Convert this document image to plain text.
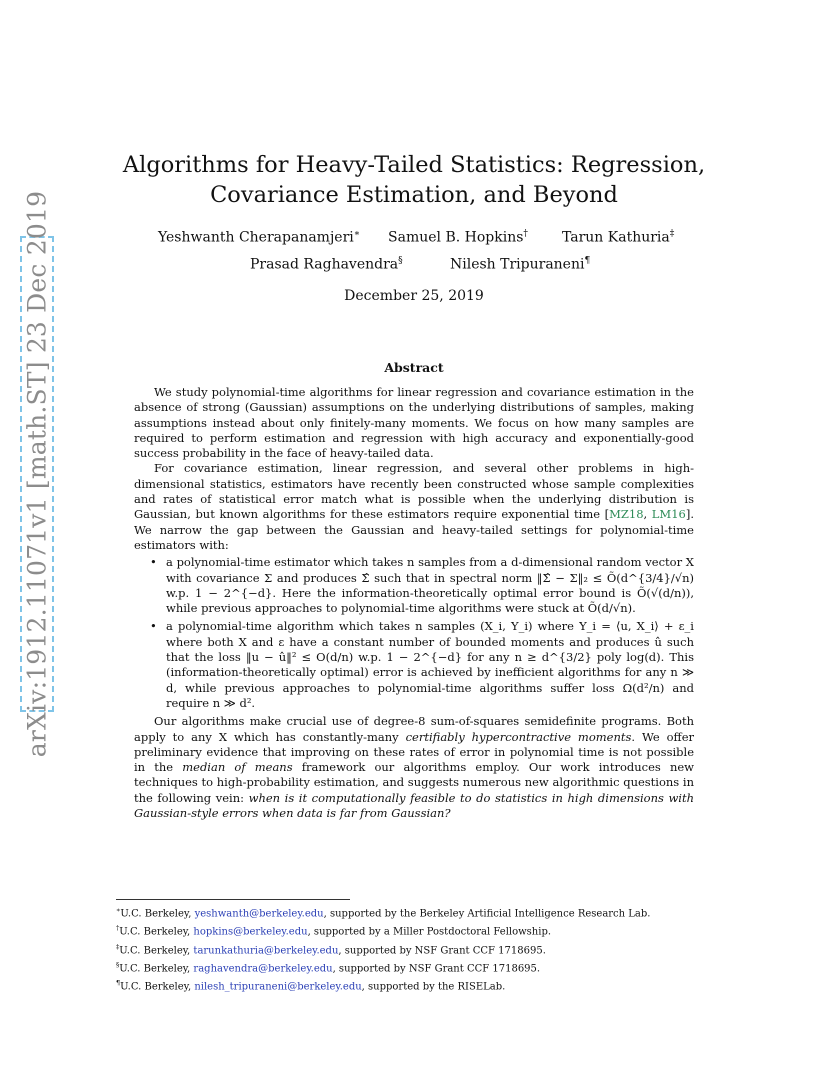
arXiv:1912.11071v1 [math.ST] 23 Dec 2019
Algorithms for Heavy-Tailed Statistics: Regression, Covariance Estimation, and Beyond
Yeshwanth Cherapanamjeri∗ Samuel B. Hopkins† Tarun Kathuria‡
Prasad Raghavendra§	Nilesh Tripuraneni¶
December 25, 2019
Abstract

We study polynomial-time algorithms for linear regression and covariance estimation in the absence of strong (Gaussian) assumptions on the underlying distributions of samples, making assumptions instead about only finitely-many moments. We focus on how many samples are required to perform estimation and regression with high accuracy and exponentially-good success probability in the face of heavy-tailed data.

For covariance estimation, linear regression, and several other problems in high-dimensional statistics, estimators have recently been constructed whose sample complexities and rates of statistical error match what is possible when the underlying distribution is Gaussian, but known algorithms for these estimators require exponential time [MZ18, LM16]. We narrow the gap between the Gaussian and heavy-tailed settings for polynomial-time estimators with:

• a polynomial-time estimator which takes n samples from a d-dimensional random vector X with covariance Σ and produces Σ̂ such that in spectral norm ‖Σ̂ − Σ‖₂ ≤ Õ(d^{3/4}/√n) w.p. 1 − 2^{−d}. Here the information-theoretically optimal error bound is Õ(√(d/n)), while previous approaches to polynomial-time algorithms were stuck at Õ(d/√n).
• a polynomial-time algorithm which takes n samples (X_i, Y_i) where Y_i = ⟨u, X_i⟩ + ε_i where both X and ε have a constant number of bounded moments and produces û such that the loss ‖u − û‖² ≤ O(d/n) w.p. 1 − 2^{−d} for any n ≥ d^{3/2} poly log(d). This (information-theoretically optimal) error is achieved by inefficient algorithms for any n ≫ d, while previous approaches to polynomial-time algorithms suffer loss Ω(d²/n) and require n ≫ d².

Our algorithms make crucial use of degree-8 sum-of-squares semidefinite programs. Both apply to any X which has constantly-many certifiably hypercontractive moments. We offer preliminary evidence that improving on these rates of error in polynomial time is not possible in the median of means framework our algorithms employ. Our work introduces new techniques to high-probability estimation, and suggests numerous new algorithmic questions in the following vein: when is it computationally feasible to do statistics in high dimensions with Gaussian-style errors when data is far from Gaussian?

∗U.C. Berkeley, yeshwanth@berkeley.edu, supported by the Berkeley Artificial Intelligence Research Lab.
†U.C. Berkeley, hopkins@berkeley.edu, supported by a Miller Postdoctoral Fellowship.
‡U.C. Berkeley, tarunkathuria@berkeley.edu, supported by NSF Grant CCF 1718695.
§U.C. Berkeley, raghavendra@berkeley.edu, supported by NSF Grant CCF 1718695.
¶U.C. Berkeley, nilesh_tripuraneni@berkeley.edu, supported by the RISELab.
